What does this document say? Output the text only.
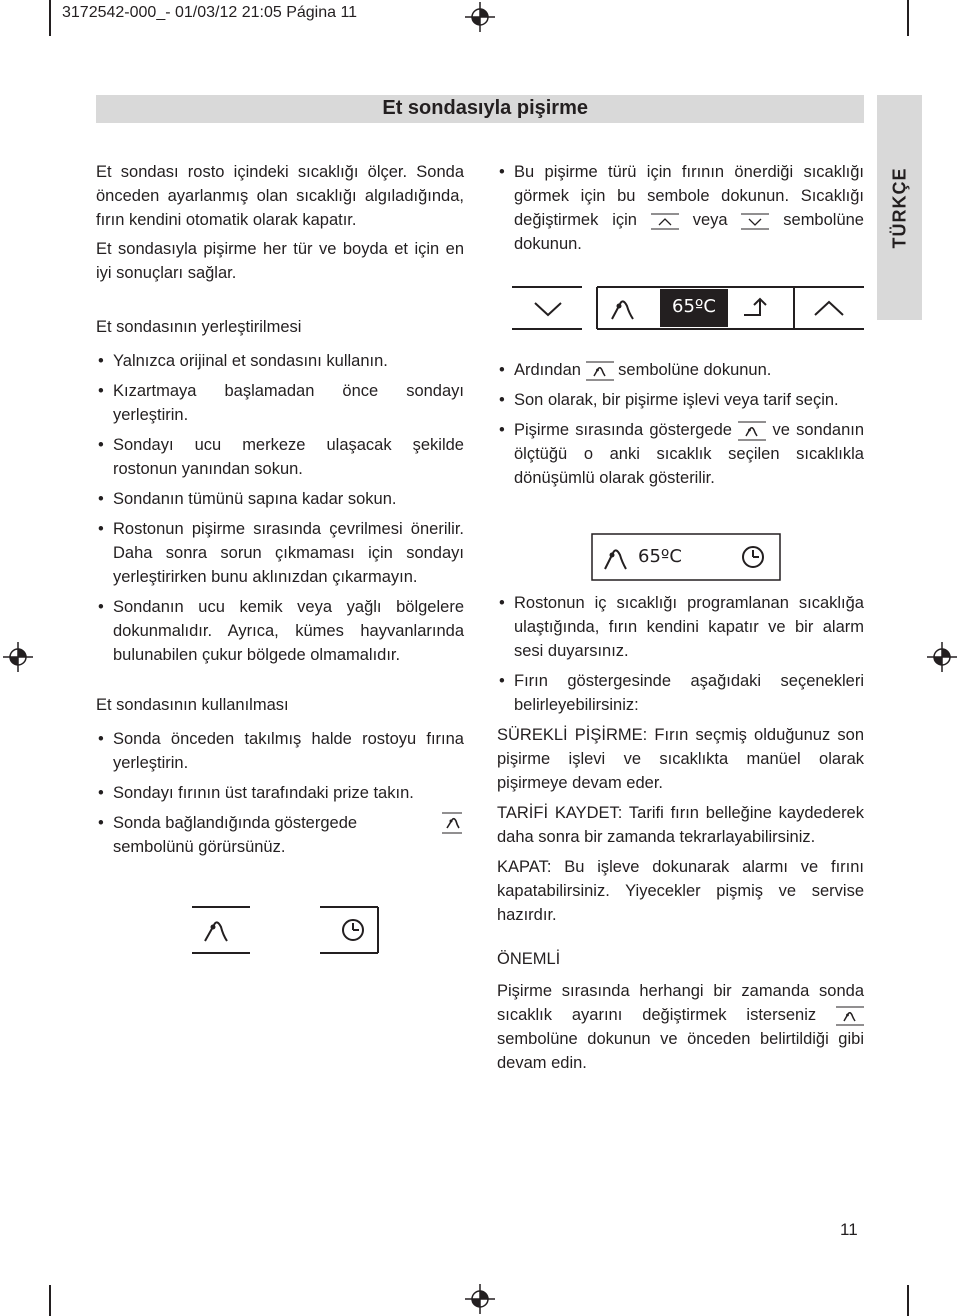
3172542-000_- 01/03/12 21:05 Página 11
Et sondasıyla pişirme
TÜRKÇE
Et sondası rosto içindeki sıcaklığı ölçer. Sonda önceden ayarlanmış olan sıcaklığı algıladığında, fırın kendini otomatik olarak kapatır.
Et sondasıyla pişirme her tür ve boyda et için en iyi sonuçları sağlar.
Et sondasının yerleştirilmesi
• Yalnızca orijinal et sondasını kullanın.
• Kızartmaya başlamadan önce sondayı yerleştirin.
• Sondayı ucu merkeze ulaşacak şekilde rostonun yanından sokun.
• Sondanın tümünü sapına kadar sokun.
• Rostonun pişirme sırasında çevrilmesi önerilir. Daha sonra sorun çıkmaması için sondayı yerleştirirken bunu aklınızdan çıkarmayın.
• Sondanın ucu kemik veya yağlı bölgelere dokunmalıdır. Ayrıca, kümes hayvanlarında bulunabilen çukur bölgede olmamalıdır.
Et sondasının kullanılması
• Sonda önceden takılmış halde rostoyu fırına yerleştirin.
• Sondayı fırının üst tarafındaki prize takın.
• Sonda bağlandığında göstergede
sembolünü görürsünüz.
• Bu pişirme türü için fırının önerdiği sıcaklığı görmek için bu sembole dokunun. Sıcaklığı değiştirmek için	veya	sembolüne dokunun.
65ºC
• Ardından sembolüne dokunun.
• Son olarak, bir pişirme işlevi veya tarif seçin.
• Pişirme sırasında göstergede ve sondanın ölçtüğü o anki sıcaklık seçilen sıcaklıkla dönüşümlü olarak gösterilir.
65ºC
• Rostonun iç sıcaklığı programlanan sıcaklığa ulaştığında, fırın kendini kapatır ve bir alarm sesi duyarsınız.
• Fırın göstergesinde aşağıdaki seçenekleri belirleyebilirsiniz:
SÜREKLİ PİŞİRME: Fırın seçmiş olduğunuz son pişirme işlevi ve sıcaklıkta manüel olarak pişirmeye devam eder.
TARİFİ KAYDET: Tarifi fırın belleğine kaydederek daha sonra bir zamanda tekrarlayabilirsiniz.
KAPAT: Bu işleve dokunarak alarmı ve fırını kapatabilirsiniz. Yiyecekler pişmiş ve servise hazırdır.
ÖNEMLİ
Pişirme sırasında herhangi bir zamanda sonda sıcaklık ayarını değiştirmek isterseniz  sembolüne dokunun ve önceden belirtildiği gibi devam edin.
11
